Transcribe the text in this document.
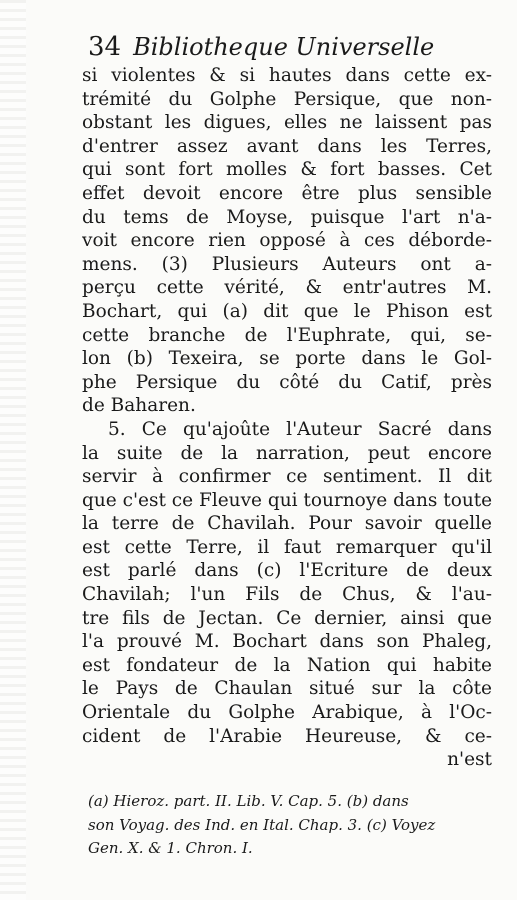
34 Bibliotheque Universelle
si violentes & si hautes dans cette ex-
trémité du Golphe Persique, que non-
obstant les digues, elles ne laissent pas
d'entrer assez avant dans les Terres,
qui sont fort molles & fort basses. Cet
effet devoit encore être plus sensible
du tems de Moyse, puisque l'art n'a-
voit encore rien opposé à ces déborde-
mens. (3) Plusieurs Auteurs ont a-
perçu cette vérité, & entr'autres M.
Bochart, qui (a) dit que le Phison est
cette branche de l'Euphrate, qui, se-
lon (b) Texeira, se porte dans le Gol-
phe Persique du côté du Catif, près
de Baharen.
5. Ce qu'ajoûte l'Auteur Sacré dans
la suite de la narration, peut encore
servir à confirmer ce sentiment. Il dit
que c'est ce Fleuve qui tournoye dans toute
la terre de Chavilah. Pour savoir quelle
est cette Terre, il faut remarquer qu'il
est parlé dans (c) l'Ecriture de deux
Chavilah; l'un Fils de Chus, & l'au-
tre fils de Jectan. Ce dernier, ainsi que
l'a prouvé M. Bochart dans son Phaleg,
est fondateur de la Nation qui habite
le Pays de Chaulan situé sur la côte
Orientale du Golphe Arabique, à l'Oc-
cident de l'Arabie Heureuse, & ce-
n'est
(a) Hieroz. part. II. Lib. V. Cap. 5. (b) dans
son Voyag. des Ind. en Ital. Chap. 3. (c) Voyez
Gen. X. & 1. Chron. I.
